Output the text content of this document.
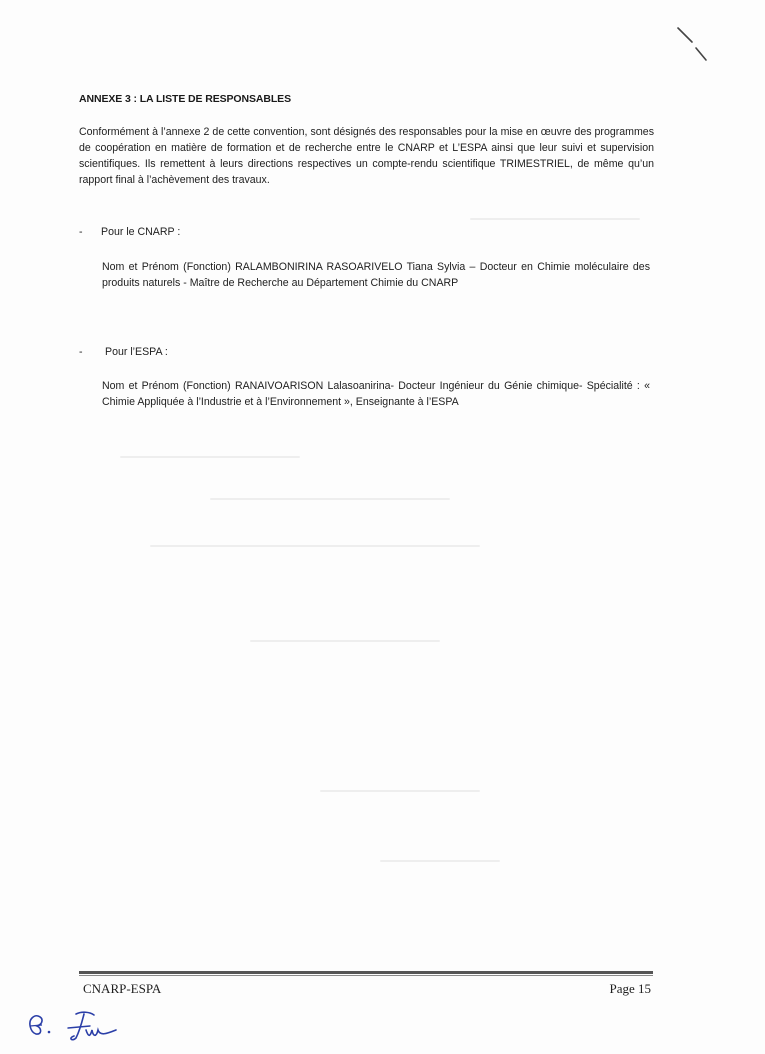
ANNEXE 3 : LA LISTE DE RESPONSABLES
Conformément à l’annexe 2 de cette convention, sont désignés des responsables pour la mise en œuvre des programmes de coopération en matière de formation et de recherche entre le CNARP et L’ESPA ainsi que leur suivi et supervision scientifiques. Ils remettent à leurs directions respectives un compte-rendu scientifique TRIMESTRIEL, de même qu’un rapport final à l’achèvement des travaux.
- Pour le CNARP :
Nom et Prénom (Fonction) RALAMBONIRINA RASOARIVELO Tiana Sylvia – Docteur en Chimie moléculaire des produits naturels - Maître de Recherche au Département Chimie du CNARP
- Pour l’ESPA :
Nom et Prénom (Fonction) RANAIVOARISON Lalasoanirina- Docteur Ingénieur du Génie chimique- Spécialité : « Chimie Appliquée à l’Industrie et à l’Environnement », Enseignante à l’ESPA
CNARP-ESPA	Page 15
